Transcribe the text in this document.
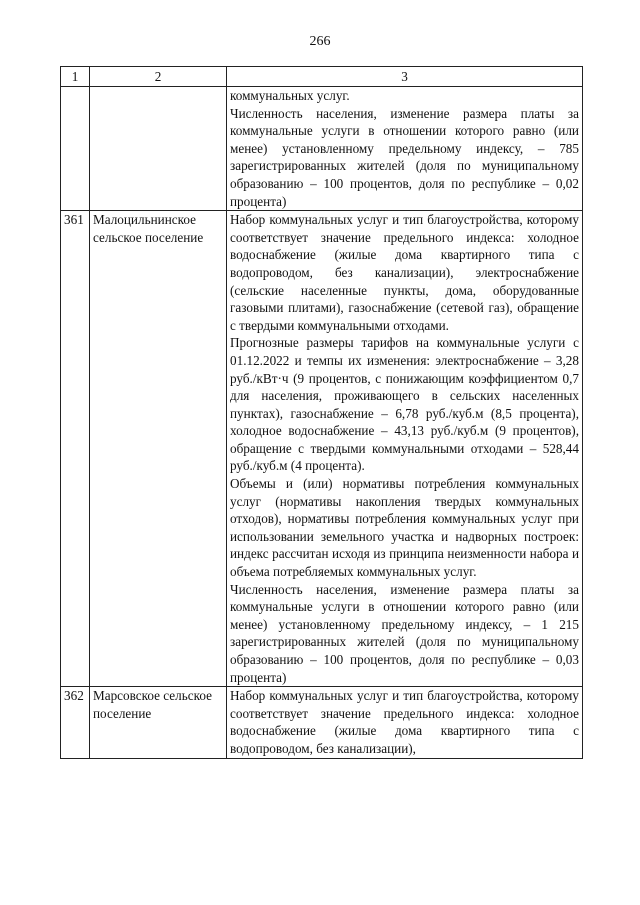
266
1	2	3

		коммунальных услуг.

Численность населения, изменение размера платы за коммунальные услуги в отношении которого равно (или менее) установленному предельному индексу, – 785 зарегистрированных жителей (доля по муниципальному образованию – 100 процентов, доля по республике – 0,02 процента)

361	Малоцильнинское сельское поселение	Набор коммунальных услуг и тип благоустройства, которому соответствует значение предельного индекса: холодное водоснабжение (жилые дома квартирного типа с водопроводом, без канализации), электроснабжение (сельские населенные пункты, дома, оборудованные газовыми плитами), газоснабжение (сетевой газ), обращение с твердыми коммунальными отходами.

Прогнозные размеры тарифов на коммунальные услуги с 01.12.2022 и темпы их изменения: электроснабжение – 3,28 руб./кВт·ч (9 процентов, с понижающим коэффициентом 0,7 для населения, проживающего в сельских населенных пунктах), газоснабжение – 6,78 руб./куб.м (8,5 процента), холодное водоснабжение – 43,13 руб./куб.м (9 процентов), обращение с твердыми коммунальными отходами – 528,44 руб./куб.м (4 процента).

Объемы и (или) нормативы потребления коммунальных услуг (нормативы накопления твердых коммунальных отходов), нормативы потребления коммунальных услуг при использовании земельного участка и надворных построек: индекс рассчитан исходя из принципа неизменности набора и объема потребляемых коммунальных услуг.

Численность населения, изменение размера платы за коммунальные услуги в отношении которого равно (или менее) установленному предельному индексу, – 1 215 зарегистрированных жителей (доля по муниципальному образованию – 100 процентов, доля по республике – 0,03 процента)

362	Марсовское сельское поселение	Набор коммунальных услуг и тип благоустройства, которому соответствует значение предельного индекса: холодное водоснабжение (жилые дома квартирного типа с водопроводом, без канализации),
